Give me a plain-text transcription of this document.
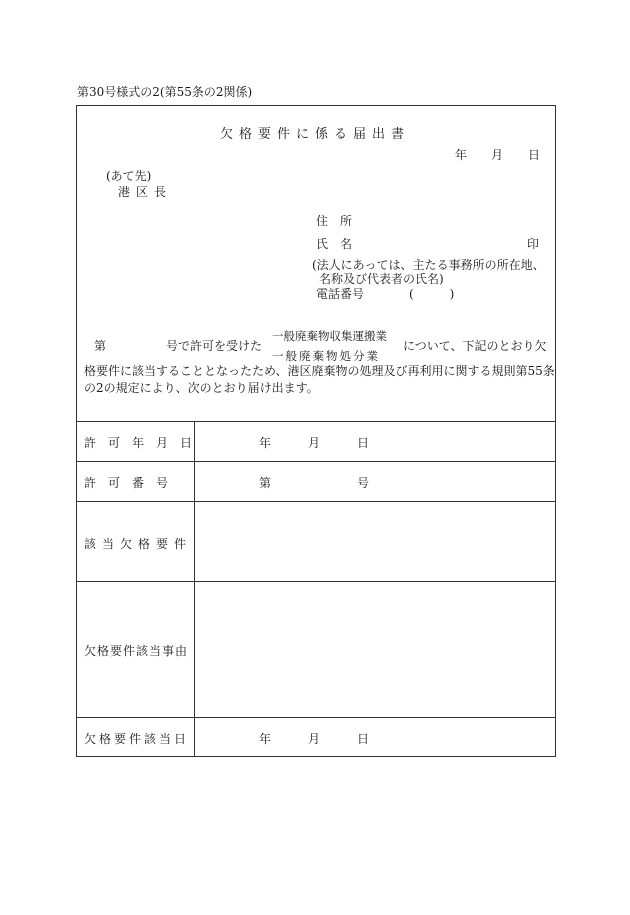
第30号様式の2(第55条の2関係)
欠格要件に係る届出書
年 月 日
(あて先)
港区長
住　所
氏　名	印
(法人にあっては、主たる事務所の所在地、
名称及び代表者の氏名)
電話番号	(　　　)
第	号で許可を受けた
一般廃棄物収集運搬業
一般廃棄物処分業
について、下記のとおり欠
格要件に該当することとなったため、港区廃棄物の処理及び再利用に関する規則第55条
の2の規定により、次のとおり届け出ます。
許　可　年　月　日	年	月	日
許　可　番　号	第	号
該当欠格要件
欠格要件該当事由
欠格要件該当日	年	月	日
